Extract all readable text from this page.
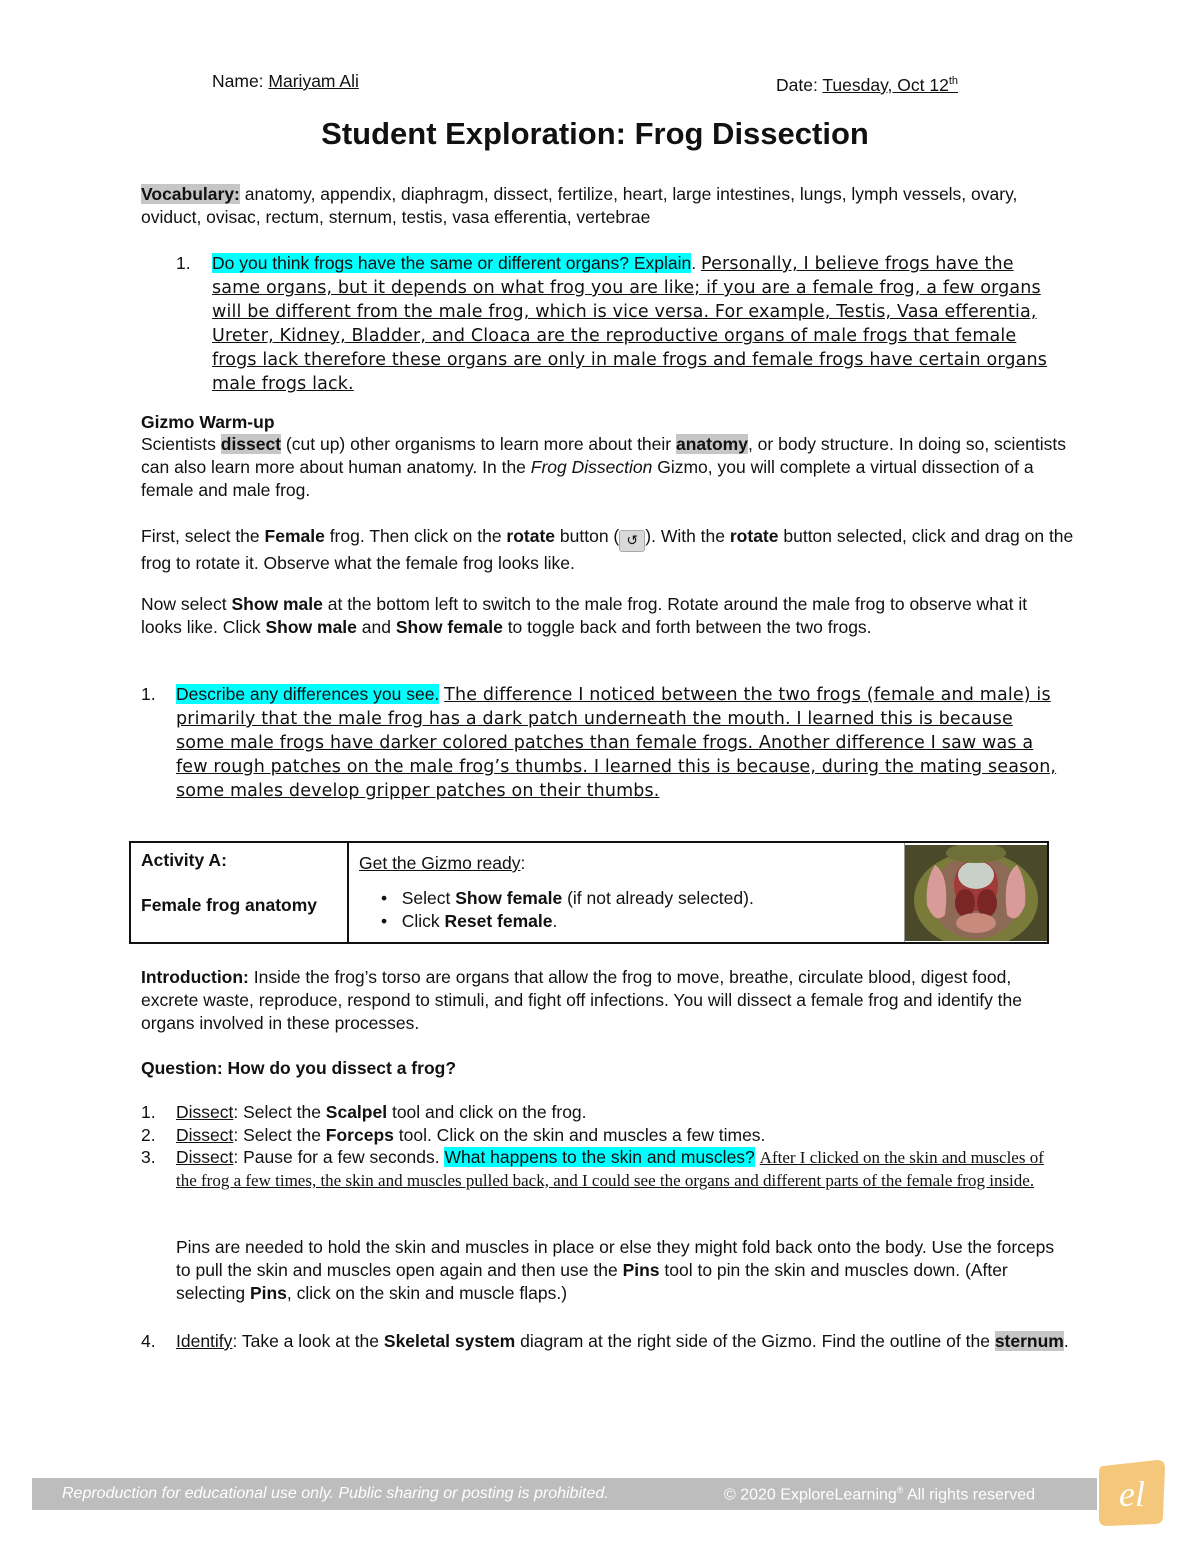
Name: Mariyam Ali	Date: Tuesday, Oct 12th
Student Exploration: Frog Dissection
Vocabulary: anatomy, appendix, diaphragm, dissect, fertilize, heart, large intestines, lungs, lymph vessels, ovary, oviduct, ovisac, rectum, sternum, testis, vasa efferentia, vertebrae
1.	Do you think frogs have the same or different organs? Explain. Personally, I believe frogs have the same organs, but it depends on what frog you are like; if you are a female frog, a few organs will be different from the male frog, which is vice versa. For example, Testis, Vasa efferentia, Ureter, Kidney, Bladder, and Cloaca are the reproductive organs of male frogs that female frogs lack therefore these organs are only in male frogs and female frogs have certain organs male frogs lack.
Gizmo Warm-up
Scientists dissect (cut up) other organisms to learn more about their anatomy, or body structure. In doing so, scientists can also learn more about human anatomy. In the Frog Dissection Gizmo, you will complete a virtual dissection of a female and male frog.
First, select the Female frog. Then click on the rotate button ( ↺ ). With the rotate button selected, click and drag on the frog to rotate it. Observe what the female frog looks like.
Now select Show male at the bottom left to switch to the male frog. Rotate around the male frog to observe what it looks like. Click Show male and Show female to toggle back and forth between the two frogs.
1.	Describe any differences you see. The difference I noticed between the two frogs (female and male) is primarily that the male frog has a dark patch underneath the mouth. I learned this is because some male frogs have darker colored patches than female frogs. Another difference I saw was a few rough patches on the male frog’s thumbs. I learned this is because, during the mating season, some males develop gripper patches on their thumbs.
Activity A:
Female frog anatomy

Get the Gizmo ready:
•   Select Show female (if not already selected).
•   Click Reset female.

Introduction: Inside the frog’s torso are organs that allow the frog to move, breathe, circulate blood, digest food, excrete waste, reproduce, respond to stimuli, and fight off infections. You will dissect a female frog and identify the organs involved in these processes.
Question: How do you dissect a frog?
1.	Dissect: Select the Scalpel tool and click on the frog.
2.	Dissect: Select the Forceps tool. Click on the skin and muscles a few times.
3.	Dissect: Pause for a few seconds. What happens to the skin and muscles? After I clicked on the skin and muscles of the frog a few times, the skin and muscles pulled back, and I could see the organs and different parts of the female frog inside.
Pins are needed to hold the skin and muscles in place or else they might fold back onto the body. Use the forceps to pull the skin and muscles open again and then use the Pins tool to pin the skin and muscles down. (After selecting Pins, click on the skin and muscle flaps.)
4.	Identify: Take a look at the Skeletal system diagram at the right side of the Gizmo. Find the outline of the sternum.
Reproduction for educational use only. Public sharing or posting is prohibited.	© 2020 ExploreLearning® All rights reserved el
